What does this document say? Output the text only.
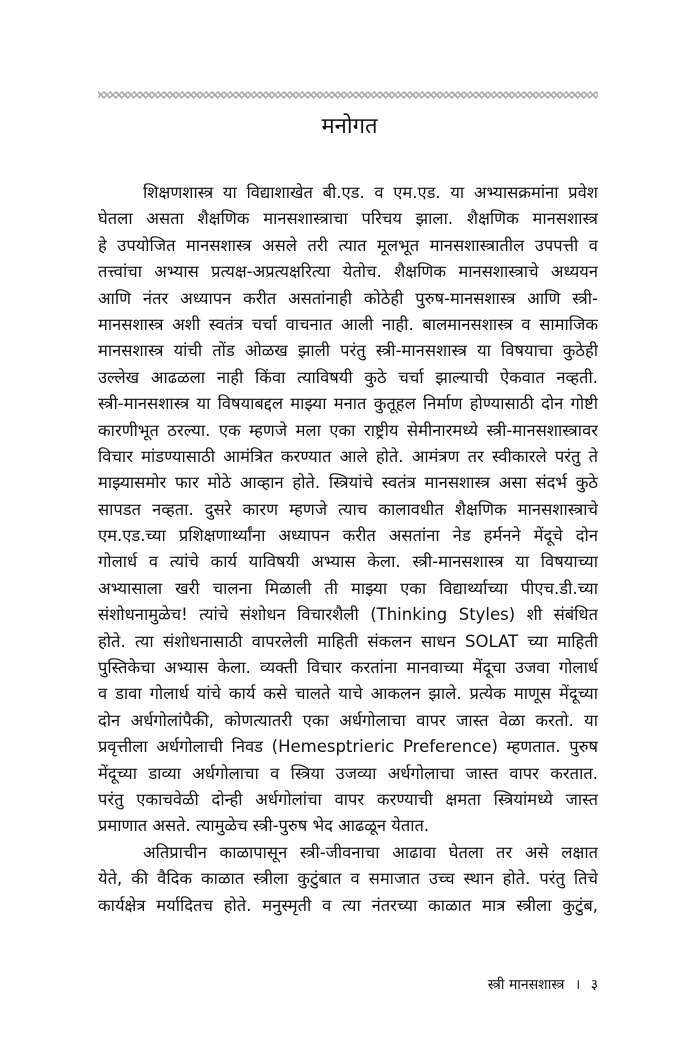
मनोगत
शिक्षणशास्त्र या विद्याशाखेत बी.एड. व एम.एड. या अभ्यासक्रमांना प्रवेश
घेतला असता शैक्षणिक मानसशास्त्राचा परिचय झाला. शैक्षणिक मानसशास्त्र
हे उपयोजित मानसशास्त्र असले तरी त्यात मूलभूत मानसशास्त्रातील उपपत्ती व
तत्त्वांचा अभ्यास प्रत्यक्ष-अप्रत्यक्षरित्या येतोच. शैक्षणिक मानसशास्त्राचे अध्ययन
आणि नंतर अध्यापन करीत असतांनाही कोठेही पुरुष-मानसशास्त्र आणि स्त्री-
मानसशास्त्र अशी स्वतंत्र चर्चा वाचनात आली नाही. बालमानसशास्त्र व सामाजिक
मानसशास्त्र यांची तोंड ओळख झाली परंतु स्त्री-मानसशास्त्र या विषयाचा कुठेही
उल्लेख आढळला नाही किंवा त्याविषयी कुठे चर्चा झाल्याची ऐकवात नव्हती.
स्त्री-मानसशास्त्र या विषयाबद्दल माझ्या मनात कुतूहल निर्माण होण्यासाठी दोन गोष्टी
कारणीभूत ठरल्या. एक म्हणजे मला एका राष्ट्रीय सेमीनारमध्ये स्त्री-मानसशास्त्रावर
विचार मांडण्यासाठी आमंत्रित करण्यात आले होते. आमंत्रण तर स्वीकारले परंतु ते
माझ्यासमोर फार मोठे आव्हान होते. स्त्रियांचे स्वतंत्र मानसशास्त्र असा संदर्भ कुठे
सापडत नव्हता. दुसरे कारण म्हणजे त्याच कालावधीत शैक्षणिक मानसशास्त्राचे
एम.एड.च्या प्रशिक्षणार्थ्यांना अध्यापन करीत असतांना नेड हर्मनने मेंदूचे दोन
गोलार्ध व त्यांचे कार्य याविषयी अभ्यास केला. स्त्री-मानसशास्त्र या विषयाच्या
अभ्यासाला खरी चालना मिळाली ती माझ्या एका विद्यार्थ्याच्या पीएच.डी.च्या
संशोधनामुळेच! त्यांचे संशोधन विचारशैली (Thinking Styles) शी संबंधित
होते. त्या संशोधनासाठी वापरलेली माहिती संकलन साधन SOLAT च्या माहिती
पुस्तिकेचा अभ्यास केला. व्यक्ती विचार करतांना मानवाच्या मेंदूचा उजवा गोलार्ध
व डावा गोलार्ध यांचे कार्य कसे चालते याचे आकलन झाले. प्रत्येक माणूस मेंदूच्या
दोन अर्धगोलांपैकी, कोणत्यातरी एका अर्धगोलाचा वापर जास्त वेळा करतो. या
प्रवृत्तीला अर्धगोलाची निवड (Hemesptrieric Preference) म्हणतात. पुरुष
मेंदूच्या डाव्या अर्धगोलाचा व स्त्रिया उजव्या अर्धगोलाचा जास्त वापर करतात.
परंतु एकाचवेळी दोन्ही अर्धगोलांचा वापर करण्याची क्षमता स्त्रियांमध्ये जास्त
प्रमाणात असते. त्यामुळेच स्त्री-पुरुष भेद आढळून येतात.
अतिप्राचीन काळापासून स्त्री-जीवनाचा आढावा घेतला तर असे लक्षात
येते, की वैदिक काळात स्त्रीला कुटुंबात व समाजात उच्च स्थान होते. परंतु तिचे
कार्यक्षेत्र मर्यादितच होते. मनुस्मृती व त्या नंतरच्या काळात मात्र स्त्रीला कुटुंब,
स्त्री मानसशास्त्र । ३
